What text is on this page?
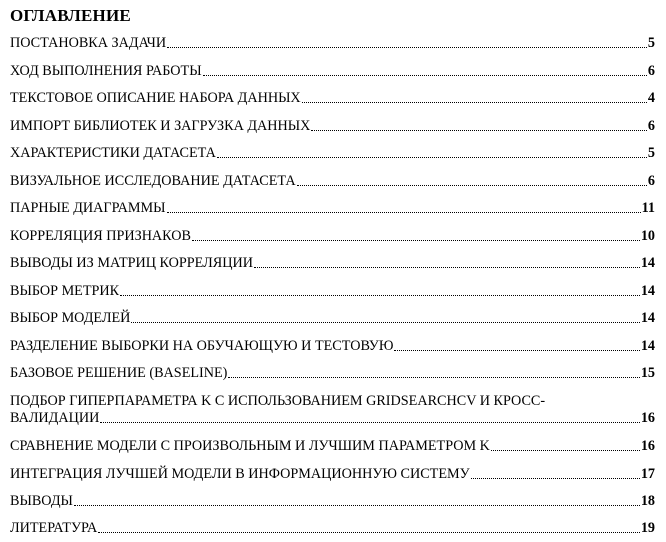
ОГЛАВЛЕНИЕ
ПОСТАНОВКА ЗАДАЧИ	5
ХОД ВЫПОЛНЕНИЯ РАБОТЫ	6
ТЕКСТОВОЕ ОПИСАНИЕ НАБОРА ДАННЫХ	4
ИМПОРТ БИБЛИОТЕК И ЗАГРУЗКА ДАННЫХ	6
ХАРАКТЕРИСТИКИ ДАТАСЕТА	5
ВИЗУАЛЬНОЕ ИССЛЕДОВАНИЕ ДАТАСЕТА	6
ПАРНЫЕ ДИАГРАММЫ	11
КОРРЕЛЯЦИЯ ПРИЗНАКОВ	10
ВЫВОДЫ ИЗ МАТРИЦ КОРРЕЛЯЦИИ	14
ВЫБОР МЕТРИК	14
ВЫБОР МОДЕЛЕЙ	14
РАЗДЕЛЕНИЕ ВЫБОРКИ НА ОБУЧАЮЩУЮ И ТЕСТОВУЮ	14
БАЗОВОЕ РЕШЕНИЕ (BASELINE)	15
ПОДБОР ГИПЕРПАРАМЕТРА K С ИСПОЛЬЗОВАНИЕМ GRIDSEARCHCV И КРОСС-
ВАЛИДАЦИИ	16
СРАВНЕНИЕ МОДЕЛИ С ПРОИЗВОЛЬНЫМ И ЛУЧШИМ ПАРАМЕТРОМ K	16
ИНТЕГРАЦИЯ ЛУЧШЕЙ МОДЕЛИ В ИНФОРМАЦИОННУЮ СИСТЕМУ	17
ВЫВОДЫ	18
ЛИТЕРАТУРА	19
